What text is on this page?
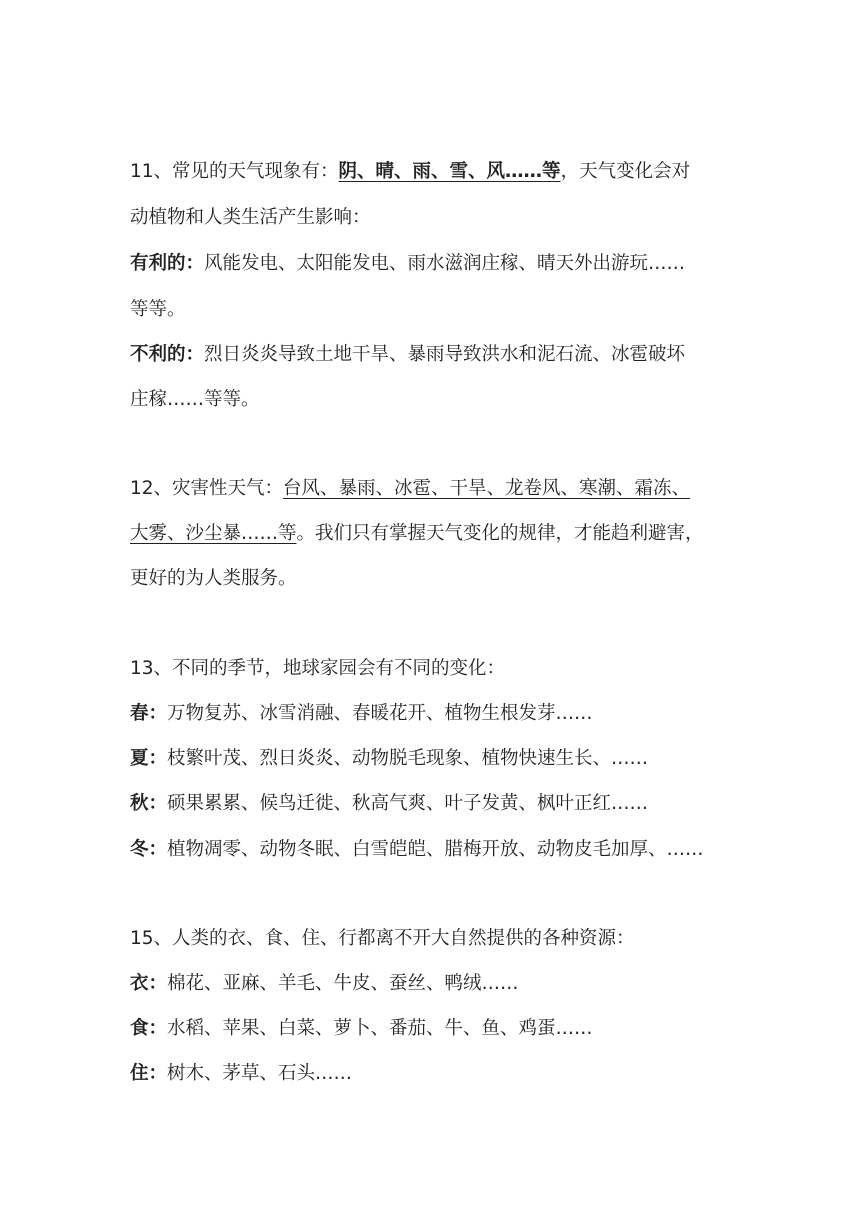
11、常见的天气现象有：阴、晴、雨、雪、风……等，天气变化会对
动植物和人类生活产生影响：
有利的：风能发电、太阳能发电、雨水滋润庄稼、晴天外出游玩……
等等。
不利的：烈日炎炎导致土地干旱、暴雨导致洪水和泥石流、冰雹破坏
庄稼……等等。
12、灾害性天气：台风、暴雨、冰雹、干旱、龙卷风、寒潮、霜冻、
大雾、沙尘暴……等。我们只有掌握天气变化的规律，才能趋利避害，
更好的为人类服务。
13、不同的季节，地球家园会有不同的变化：
春：万物复苏、冰雪消融、春暖花开、植物生根发芽……
夏：枝繁叶茂、烈日炎炎、动物脱毛现象、植物快速生长、……
秋：硕果累累、候鸟迁徙、秋高气爽、叶子发黄、枫叶正红……
冬：植物凋零、动物冬眠、白雪皑皑、腊梅开放、动物皮毛加厚、……
15、人类的衣、食、住、行都离不开大自然提供的各种资源：
衣：棉花、亚麻、羊毛、牛皮、蚕丝、鸭绒……
食：水稻、苹果、白菜、萝卜、番茄、牛、鱼、鸡蛋……
住：树木、茅草、石头……
